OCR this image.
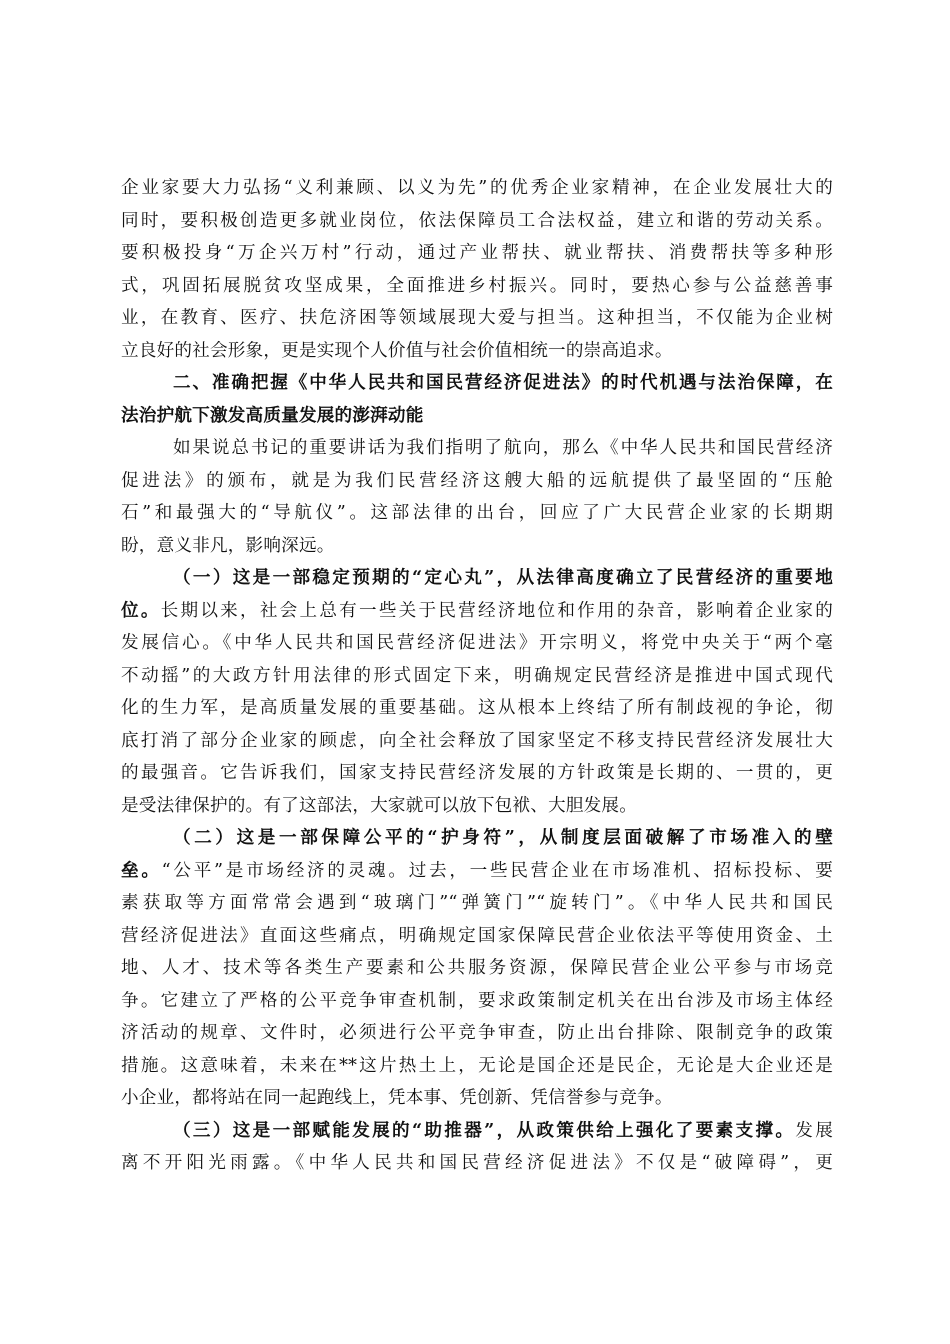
企业家要大力弘扬“义利兼顾、以义为先”的优秀企业家精神，在企业发展壮大的
同时，要积极创造更多就业岗位，依法保障员工合法权益，建立和谐的劳动关系。
要积极投身“万企兴万村”行动，通过产业帮扶、就业帮扶、消费帮扶等多种形
式，巩固拓展脱贫攻坚成果，全面推进乡村振兴。同时，要热心参与公益慈善事
业，在教育、医疗、扶危济困等领域展现大爱与担当。这种担当，不仅能为企业树
立良好的社会形象，更是实现个人价值与社会价值相统一的崇高追求。
二、准确把握《中华人民共和国民营经济促进法》的时代机遇与法治保障，在
法治护航下激发高质量发展的澎湃动能
如果说总书记的重要讲话为我们指明了航向，那么《中华人民共和国民营经济
促进法》的颁布，就是为我们民营经济这艘大船的远航提供了最坚固的“压舱
石”和最强大的“导航仪”。这部法律的出台，回应了广大民营企业家的长期期
盼，意义非凡，影响深远。
（一）这是一部稳定预期的“定心丸”，从法律高度确立了民营经济的重要地
位。长期以来，社会上总有一些关于民营经济地位和作用的杂音，影响着企业家的
发展信心。《中华人民共和国民营经济促进法》开宗明义，将党中央关于“两个毫
不动摇”的大政方针用法律的形式固定下来，明确规定民营经济是推进中国式现代
化的生力军，是高质量发展的重要基础。这从根本上终结了所有制歧视的争论，彻
底打消了部分企业家的顾虑，向全社会释放了国家坚定不移支持民营经济发展壮大
的最强音。它告诉我们，国家支持民营经济发展的方针政策是长期的、一贯的，更
是受法律保护的。有了这部法，大家就可以放下包袱、大胆发展。
（二）这是一部保障公平的“护身符”，从制度层面破解了市场准入的壁
垒。“公平”是市场经济的灵魂。过去，一些民营企业在市场准机、招标投标、要
素获取等方面常常会遇到“玻璃门”“弹簧门”“旋转门”。《中华人民共和国民
营经济促进法》直面这些痛点，明确规定国家保障民营企业依法平等使用资金、土
地、人才、技术等各类生产要素和公共服务资源，保障民营企业公平参与市场竞
争。它建立了严格的公平竞争审查机制，要求政策制定机关在出台涉及市场主体经
济活动的规章、文件时，必须进行公平竞争审查，防止出台排除、限制竞争的政策
措施。这意味着，未来在**这片热土上，无论是国企还是民企，无论是大企业还是
小企业，都将站在同一起跑线上，凭本事、凭创新、凭信誉参与竞争。
（三）这是一部赋能发展的“助推器”，从政策供给上强化了要素支撑。发展
离不开阳光雨露。《中华人民共和国民营经济促进法》不仅是“破障碍”，更
